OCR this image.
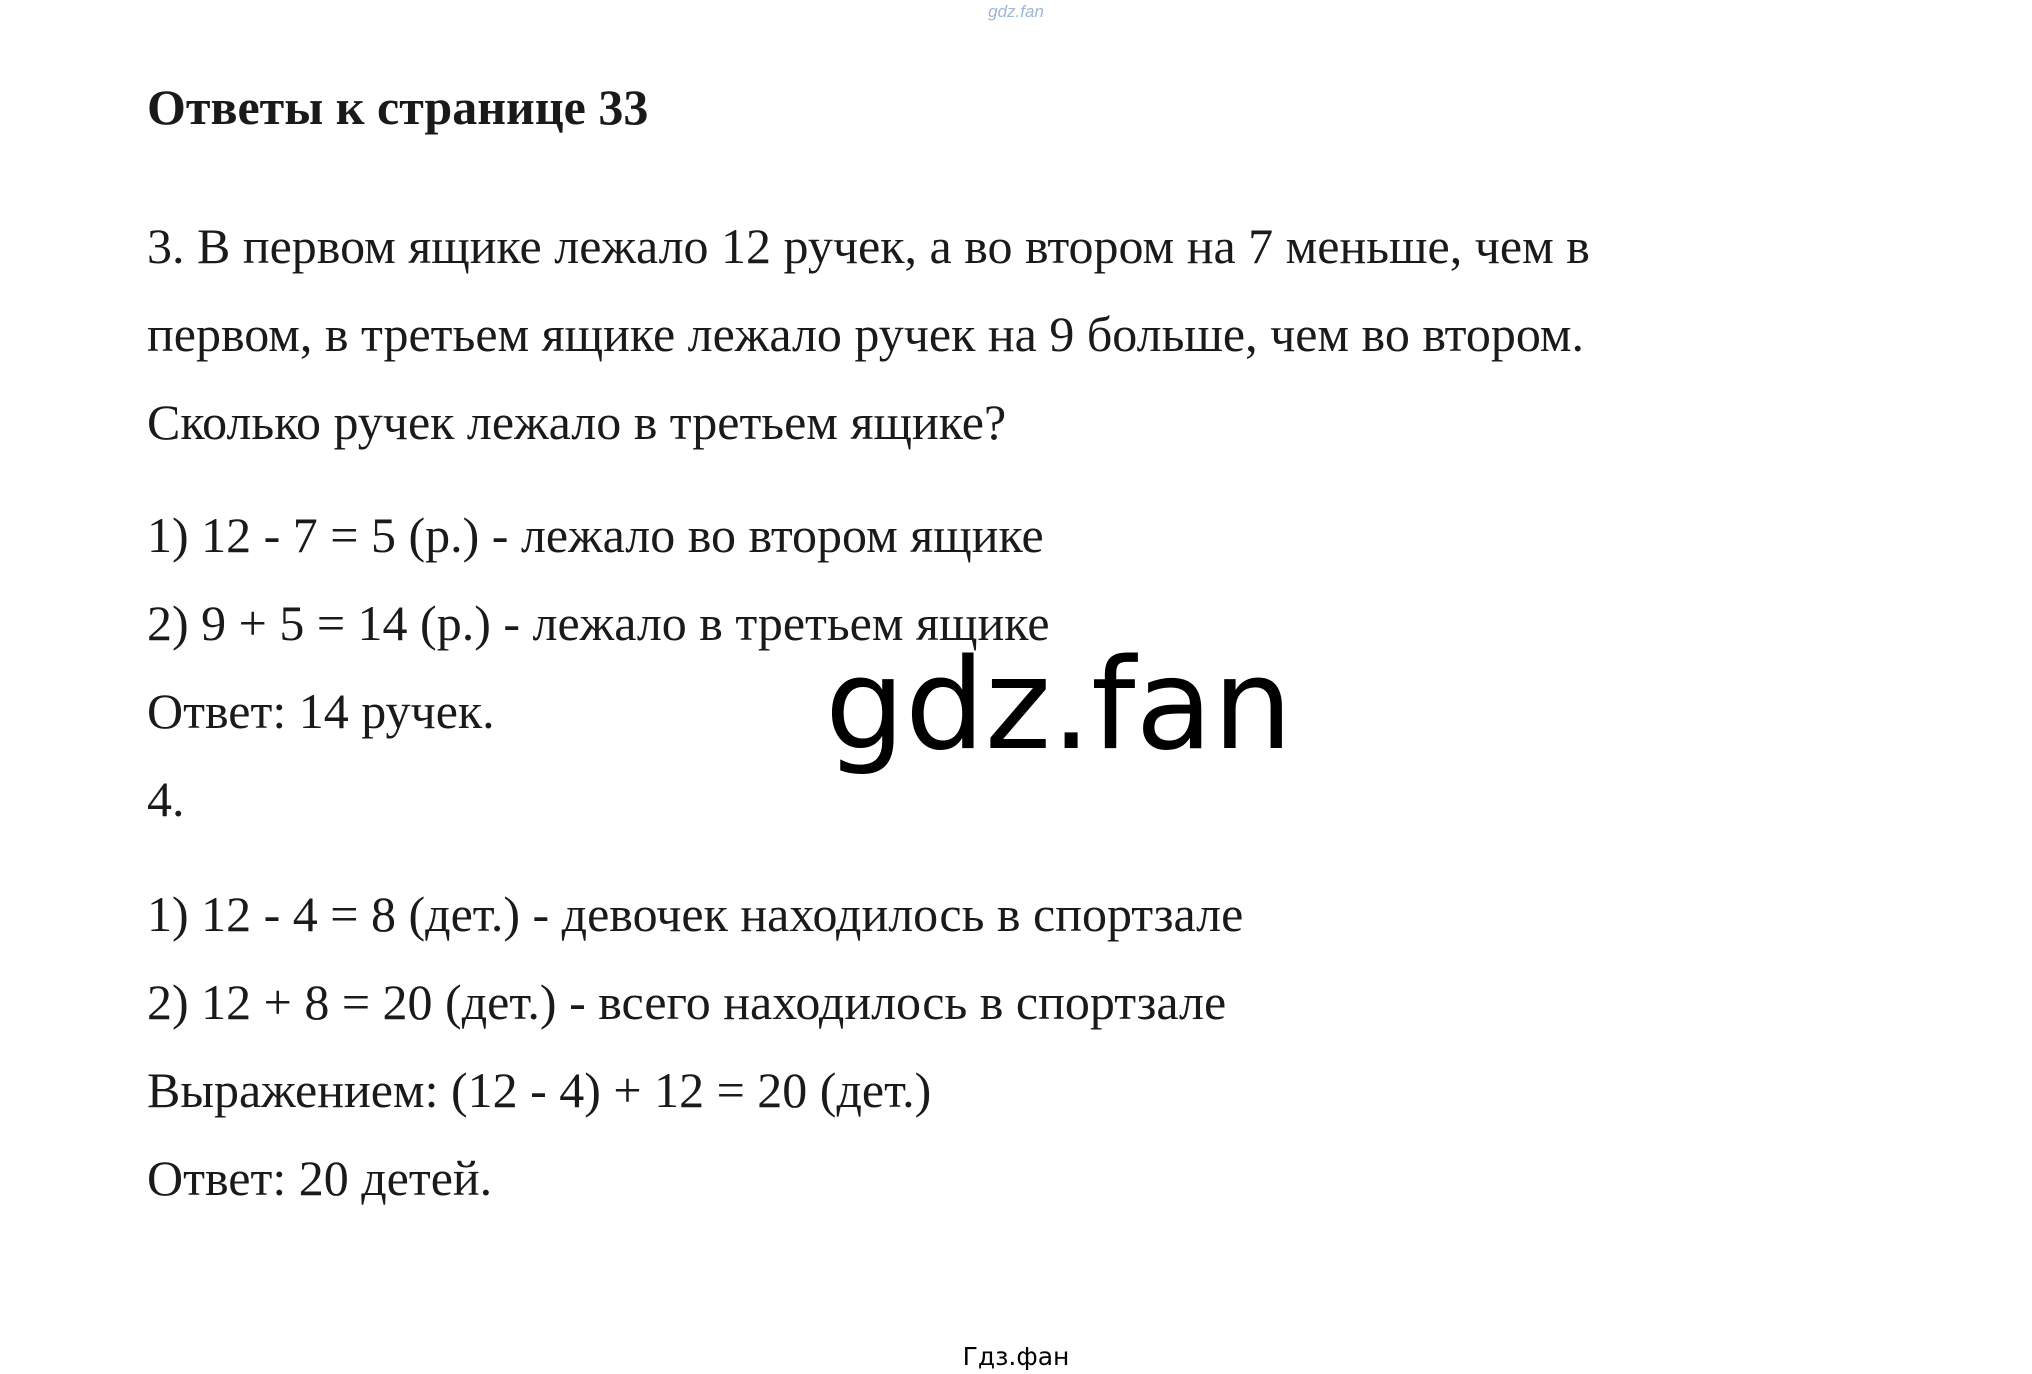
gdz.fan
Ответы к странице 33

3. В первом ящике лежало 12 ручек, а во втором на 7 меньше, чем в

первом, в третьем ящике лежало ручек на 9 больше, чем во втором.

Сколько ручек лежало в третьем ящике?

1) 12 - 7 = 5 (р.) - лежало во втором ящике

2) 9 + 5 = 14 (р.) - лежало в третьем ящике

Ответ: 14 ручек.

4.

1) 12 - 4 = 8 (дет.) - девочек находилось в спортзале

2) 12 + 8 = 20 (дет.) - всего находилось в спортзале

Выражением: (12 - 4) + 12 = 20 (дет.)

Ответ: 20 детей.

gdz.fan
Гдз.фан
